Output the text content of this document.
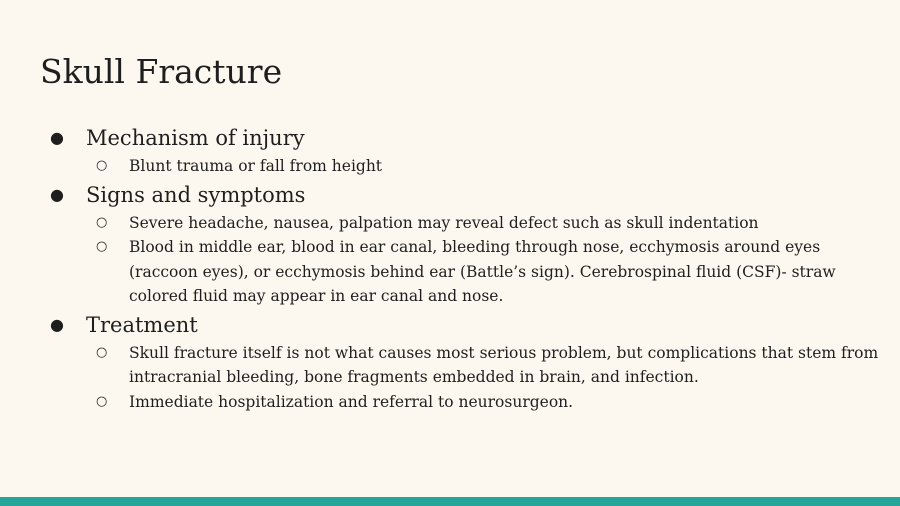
Skull Fracture
● Mechanism of injury
○ Blunt trauma or fall from height
● Signs and symptoms
○ Severe headache, nausea, palpation may reveal defect such as skull indentation
○ Blood in middle ear, blood in ear canal, bleeding through nose, ecchymosis around eyes (raccoon eyes), or ecchymosis behind ear (Battle’s sign). Cerebrospinal fluid (CSF)- straw colored fluid may appear in ear canal and nose.
● Treatment
○ Skull fracture itself is not what causes most serious problem, but complications that stem from intracranial bleeding, bone fragments embedded in brain, and infection.
○ Immediate hospitalization and referral to neurosurgeon.
